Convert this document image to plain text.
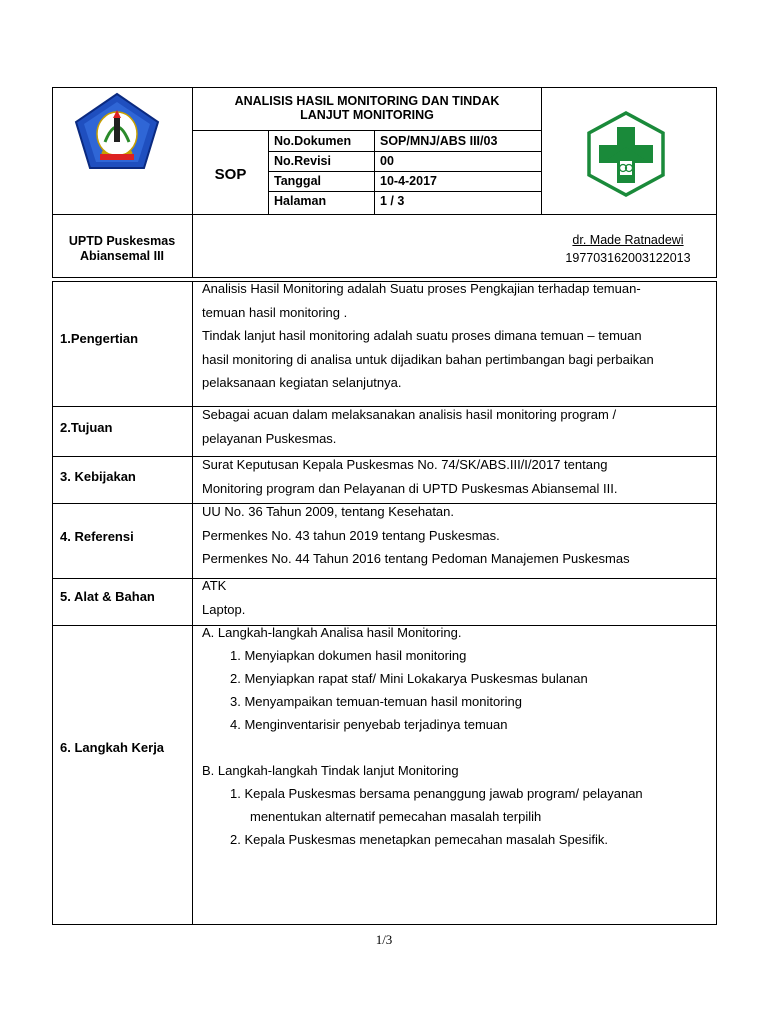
ANALISIS HASIL MONITORING DAN TINDAK
LANJUT MONITORING
SOP
No.Dokumen SOP/MNJ/ABS III/03
No.Revisi	00
Tanggal	10-4-2017
Halaman	1 / 3
UPTD Puskesmas
Abiansemal III
dr. Made Ratnadewi
197703162003122013
1.Pengertian
Analisis Hasil Monitoring adalah Suatu proses Pengkajian terhadap temuan-
temuan hasil monitoring .
Tindak lanjut hasil monitoring adalah suatu proses dimana temuan – temuan
hasil monitoring di analisa untuk dijadikan bahan pertimbangan bagi perbaikan
pelaksanaan kegiatan selanjutnya.
2.Tujuan
Sebagai acuan dalam melaksanakan analisis hasil monitoring program /
pelayanan Puskesmas.
3. Kebijakan
Surat Keputusan Kepala Puskesmas No. 74/SK/ABS.III/I/2017 tentang
Monitoring program dan Pelayanan di UPTD Puskesmas Abiansemal III.
4. Referensi
UU No. 36 Tahun 2009, tentang Kesehatan.
Permenkes No. 43 tahun 2019 tentang Puskesmas.
Permenkes No. 44 Tahun 2016 tentang Pedoman Manajemen Puskesmas
5. Alat & Bahan
ATK
Laptop.
6. Langkah Kerja
A. Langkah-langkah Analisa hasil Monitoring.
1. Menyiapkan dokumen hasil monitoring
2. Menyiapkan rapat staf/ Mini Lokakarya Puskesmas bulanan
3. Menyampaikan temuan-temuan hasil monitoring
4. Menginventarisir penyebab terjadinya temuan
B. Langkah-langkah Tindak lanjut Monitoring
1. Kepala Puskesmas bersama penanggung jawab program/ pelayanan
menentukan alternatif pemecahan masalah terpilih
2. Kepala Puskesmas menetapkan pemecahan masalah Spesifik.
1/3
